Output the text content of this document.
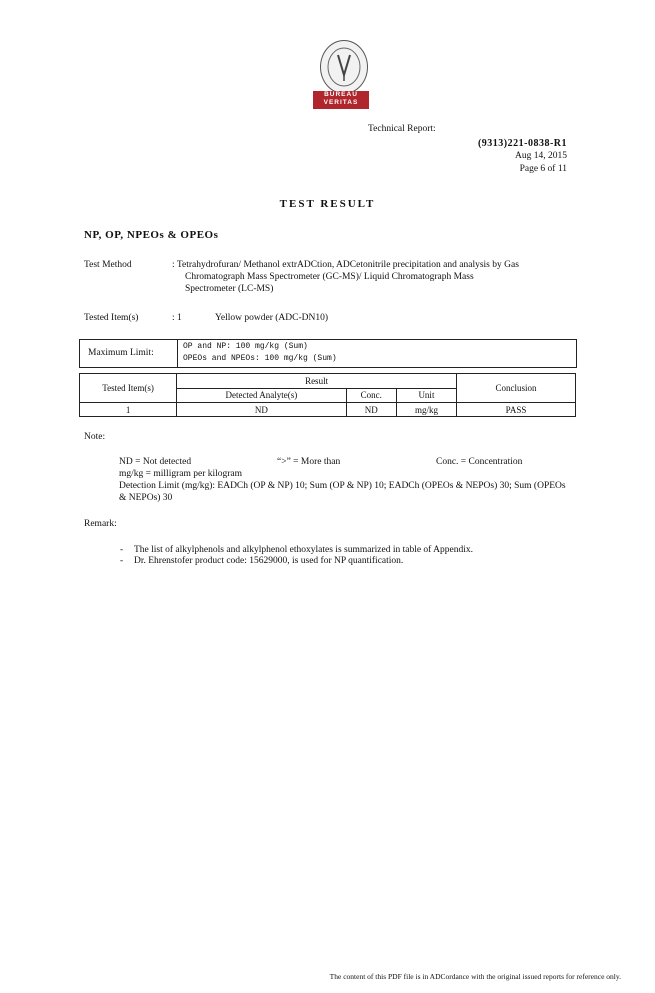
BUREAU
VERITAS
Technical Report:
(9313)221-0838-R1
Aug 14, 2015
Page 6 of 11
TEST RESULT
NP, OP, NPEOs & OPEOs
Test Method	: Tetrahydrofuran/ Methanol extrADCtion, ADCetonitrile precipitation and analysis by Gas
Chromatograph Mass Spectrometer (GC-MS)/ Liquid Chromatograph Mass
Spectrometer (LC-MS)
Tested Item(s)	: 1	Yellow powder (ADC-DN10)
Maximum Limit:
OP and NP: 100 mg/kg (Sum)
OPEOs and NPEOs: 100 mg/kg (Sum)
Tested Item(s)	Result			Conclusion
	Detected Analyte(s)	Conc.	Unit	
1	ND	ND	mg/kg	PASS
Note:
ND = Not detected	“>” = More than	Conc. = Concentration
mg/kg = milligram per kilogram
Detection Limit (mg/kg): EADCh (OP & NP) 10; Sum (OP & NP) 10; EADCh (OPEOs & NEPOs) 30; Sum (OPEOs
& NEPOs) 30
Remark:
- The list of alkylphenols and alkylphenol ethoxylates is summarized in table of Appendix.
- Dr. Ehrenstofer product code: 15629000, is used for NP quantification.
The content of this PDF file is in ADCordance with the original issued reports for reference only.
